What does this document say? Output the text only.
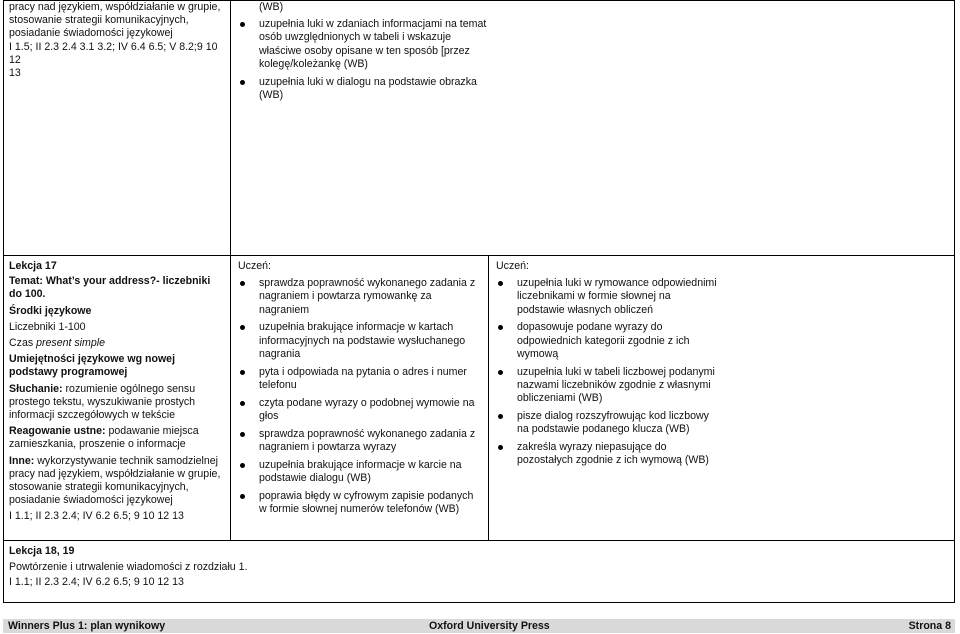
pracy nad językiem, współdziałanie w grupie,
stosowanie strategii komunikacyjnych,
posiadanie świadomości językowej
I 1.5; II 2.3 2.4 3.1 3.2; IV 6.4 6.5; V 8.2;9 10 12
13
(WB)
uzupełnia luki w zdaniach informacjami na temat osób uwzględnionych w tabeli i wskazuje właściwe osoby opisane w ten sposób [przez kolegę/koleżankę (WB)
uzupełnia luki w dialogu na podstawie obrazka (WB)
Lekcja 17
Temat: What’s your address?- liczebniki do 100.
Środki językowe
Liczebniki 1-100
Czas present simple
Umiejętności językowe wg nowej podstawy programowej
Słuchanie: rozumienie ogólnego sensu prostego tekstu, wyszukiwanie prostych informacji szczegółowych w tekście
Reagowanie ustne: podawanie miejsca zamieszkania, proszenie o informacje
Inne: wykorzystywanie technik samodzielnej pracy nad językiem, współdziałanie w grupie, stosowanie strategii komunikacyjnych, posiadanie świadomości językowej
I 1.1; II 2.3 2.4; IV 6.2 6.5; 9 10 12 13
Uczeń:
sprawdza poprawność wykonanego zadania z nagraniem i powtarza rymowankę za nagraniem
uzupełnia brakujące informacje w kartach informacyjnych na podstawie wysłuchanego nagrania
pyta i odpowiada na pytania o adres i numer telefonu
czyta podane wyrazy o podobnej wymowie na głos
sprawdza poprawność wykonanego zadania z nagraniem i powtarza wyrazy
uzupełnia brakujące informacje w karcie na podstawie dialogu (WB)
poprawia błędy w cyfrowym zapisie podanych w formie słownej numerów telefonów (WB)
Uczeń:
uzupełnia luki w rymowance odpowiednimi liczebnikami w formie słownej na podstawie własnych obliczeń
dopasowuje podane wyrazy do odpowiednich kategorii zgodnie z ich wymową
uzupełnia luki w tabeli liczbowej podanymi nazwami liczebników zgodnie z własnymi obliczeniami (WB)
pisze dialog rozszyfrowując kod liczbowy na podstawie podanego klucza (WB)
zakreśla wyrazy niepasujące do pozostałych zgodnie z ich wymową (WB)
Lekcja 18, 19
Powtórzenie i utrwalenie wiadomości z rozdziału 1.
I 1.1; II 2.3 2.4; IV 6.2 6.5; 9 10 12 13
Winners Plus 1: plan wynikowy	Oxford University Press	Strona 8
